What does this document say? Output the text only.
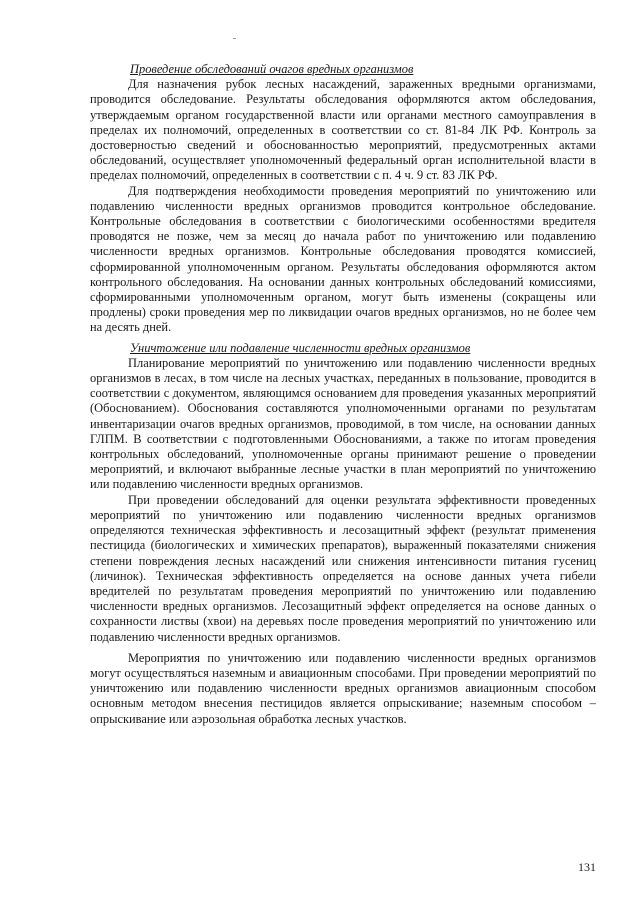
Проведение обследований очагов вредных организмов

Для назначения рубок лесных насаждений, зараженных вредными организмами, проводится обследование. Результаты обследования оформляются актом обследования, утверждаемым органом государственной власти или органами местного самоуправления в пределах их полномочий, определенных в соответствии со ст. 81-84 ЛК РФ. Контроль за достоверностью сведений и обоснованностью мероприятий, предусмотренных актами обследований, осуществляет уполномоченный федеральный орган исполнительной власти в пределах полномочий, определенных в соответствии с п. 4 ч. 9 ст. 83 ЛК РФ.

Для подтверждения необходимости проведения мероприятий по уничтожению или подавлению численности вредных организмов проводится контрольное обследование. Контрольные обследования в соответствии с биологическими особенностями вредителя проводятся не позже, чем за месяц до начала работ по уничтожению или подавлению численности вредных организмов. Контрольные обследования проводятся комиссией, сформированной уполномоченным органом. Результаты обследования оформляются актом контрольного обследования. На основании данных контрольных обследований комиссиями, сформированными уполномоченным органом, могут быть изменены (сокращены или продлены) сроки проведения мер по ликвидации очагов вредных организмов, но не более чем на десять дней.

Уничтожение или подавление численности вредных организмов

Планирование мероприятий по уничтожению или подавлению численности вредных организмов в лесах, в том числе на лесных участках, переданных в пользование, проводится в соответствии с документом, являющимся основанием для проведения указанных мероприятий (Обоснованием). Обоснования составляются уполномоченными органами по результатам инвентаризации очагов вредных организмов, проводимой, в том числе, на основании данных ГЛПМ. В соответствии с подготовленными Обоснованиями, а также по итогам проведения контрольных обследований, уполномоченные органы принимают решение о проведении мероприятий, и включают выбранные лесные участки в план мероприятий по уничтожению или подавлению численности вредных организмов.

При проведении обследований для оценки результата эффективности проведенных мероприятий по уничтожению или подавлению численности вредных организмов определяются техническая эффективность и лесозащитный эффект (результат применения пестицида (биологических и химических препаратов), выраженный показателями снижения степени повреждения лесных насаждений или снижения интенсивности питания гусениц (личинок). Техническая эффективность определяется на основе данных учета гибели вредителей по результатам проведения мероприятий по уничтожению или подавлению численности вредных организмов. Лесозащитный эффект определяется на основе данных о сохранности листвы (хвои) на деревьях после проведения мероприятий по уничтожению или подавлению численности вредных организмов.

Мероприятия по уничтожению или подавлению численности вредных организмов могут осуществляться наземным и авиационным способами. При проведении мероприятий по уничтожению или подавлению численности вредных организмов авиационным способом основным методом внесения пестицидов является опрыскивание; наземным способом – опрыскивание или аэрозольная обработка лесных участков.

131
